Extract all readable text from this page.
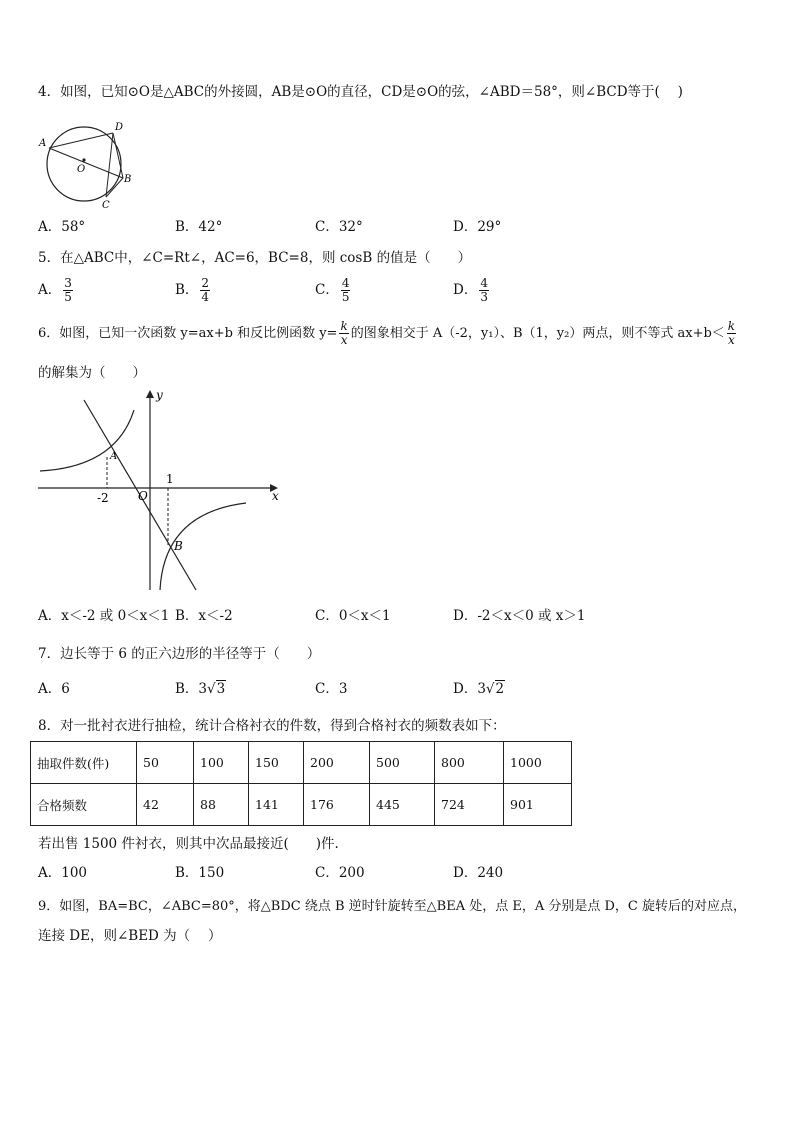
4．如图，已知⊙O是△ABC的外接圆，AB是⊙O的直径，CD是⊙O的弦，∠ABD＝58°，则∠BCD等于(　 )
A
D
O
B
C
A．58°	B．42°	C．32°	D．29°
5．在△ABC中，∠C=Rt∠，AC=6，BC=8，则 cosB 的值是（　　）
A． $\frac{3}{5}$	B． $\frac{2}{4}$	C． $\frac{4}{5}$	D． $\frac{4}{3}$
6．如图，已知一次函数 y=ax+b 和反比例函数 $y= \frac{k}{x}$ 的图象相交于 A（-2，y₁）、B（1，y₂）两点，则不等式 $ax+b< \frac{k}{x}$
的解集为（　　）
y
x
O
-2
1
A
B
A．x＜-2 或 0＜x＜1 B．x＜-2	C．0＜x＜1	D．-2＜x＜0 或 x＞1
7．边长等于 6 的正六边形的半径等于（　　）
A．6	B．3√3	C．3	D．3√2
8．对一批衬衣进行抽检，统计合格衬衣的件数，得到合格衬衣的频数表如下：
抽取件数(件)	50	100	150	200	500	800	1000
合格频数	42	88	141	176	445	724	901
若出售 1500 件衬衣，则其中次品最接近(　　)件.
A．100	B．150	C．200	D．240
9．如图，BA=BC，∠ABC=80°，将△BDC 绕点 B 逆时针旋转至△BEA 处，点 E，A 分别是点 D，C 旋转后的对应点，
连接 DE，则∠BED 为（　 ）
